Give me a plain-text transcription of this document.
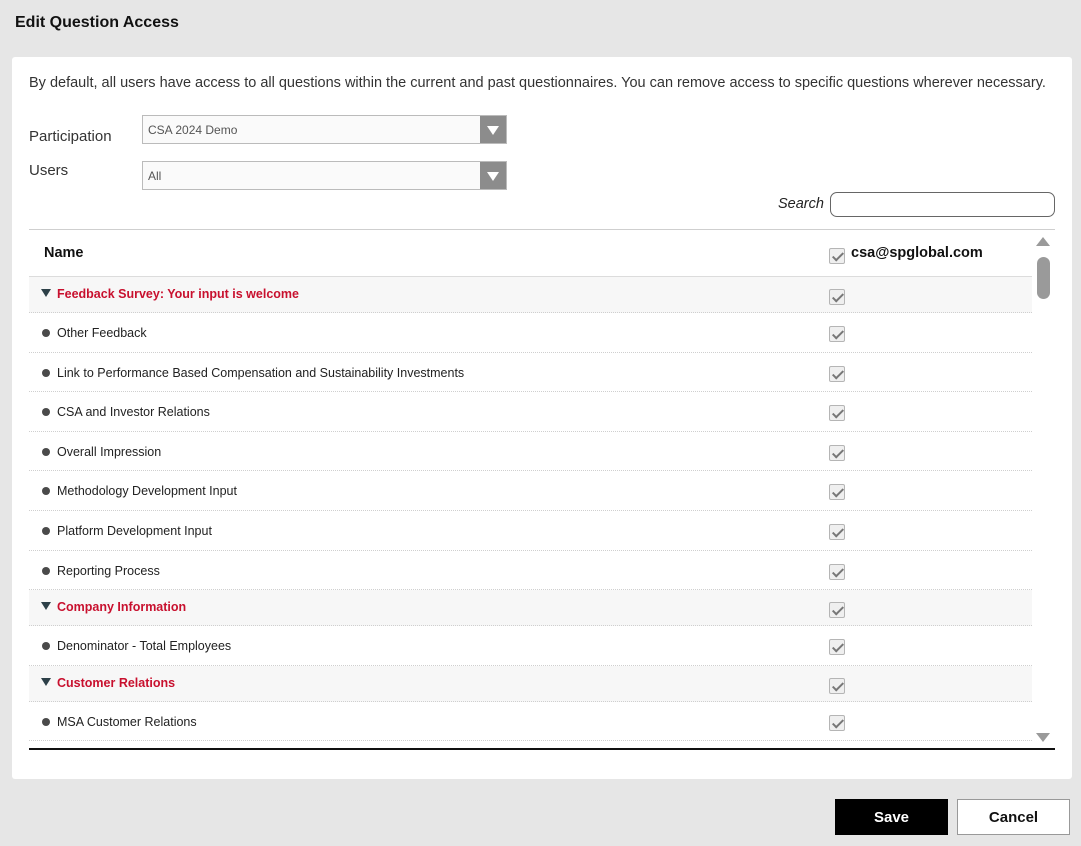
Edit Question Access
By default, all users have access to all questions within the current and past questionnaires. You can remove access to specific questions wherever necessary.
Participation	CSA 2024 Demo
Users	All
Search
Name	csa@spglobal.com
Feedback Survey: Your input is welcome
Other Feedback
Link to Performance Based Compensation and Sustainability Investments
CSA and Investor Relations
Overall Impression
Methodology Development Input
Platform Development Input
Reporting Process
Company Information
Denominator - Total Employees
Customer Relations
MSA Customer Relations
Save	Cancel
